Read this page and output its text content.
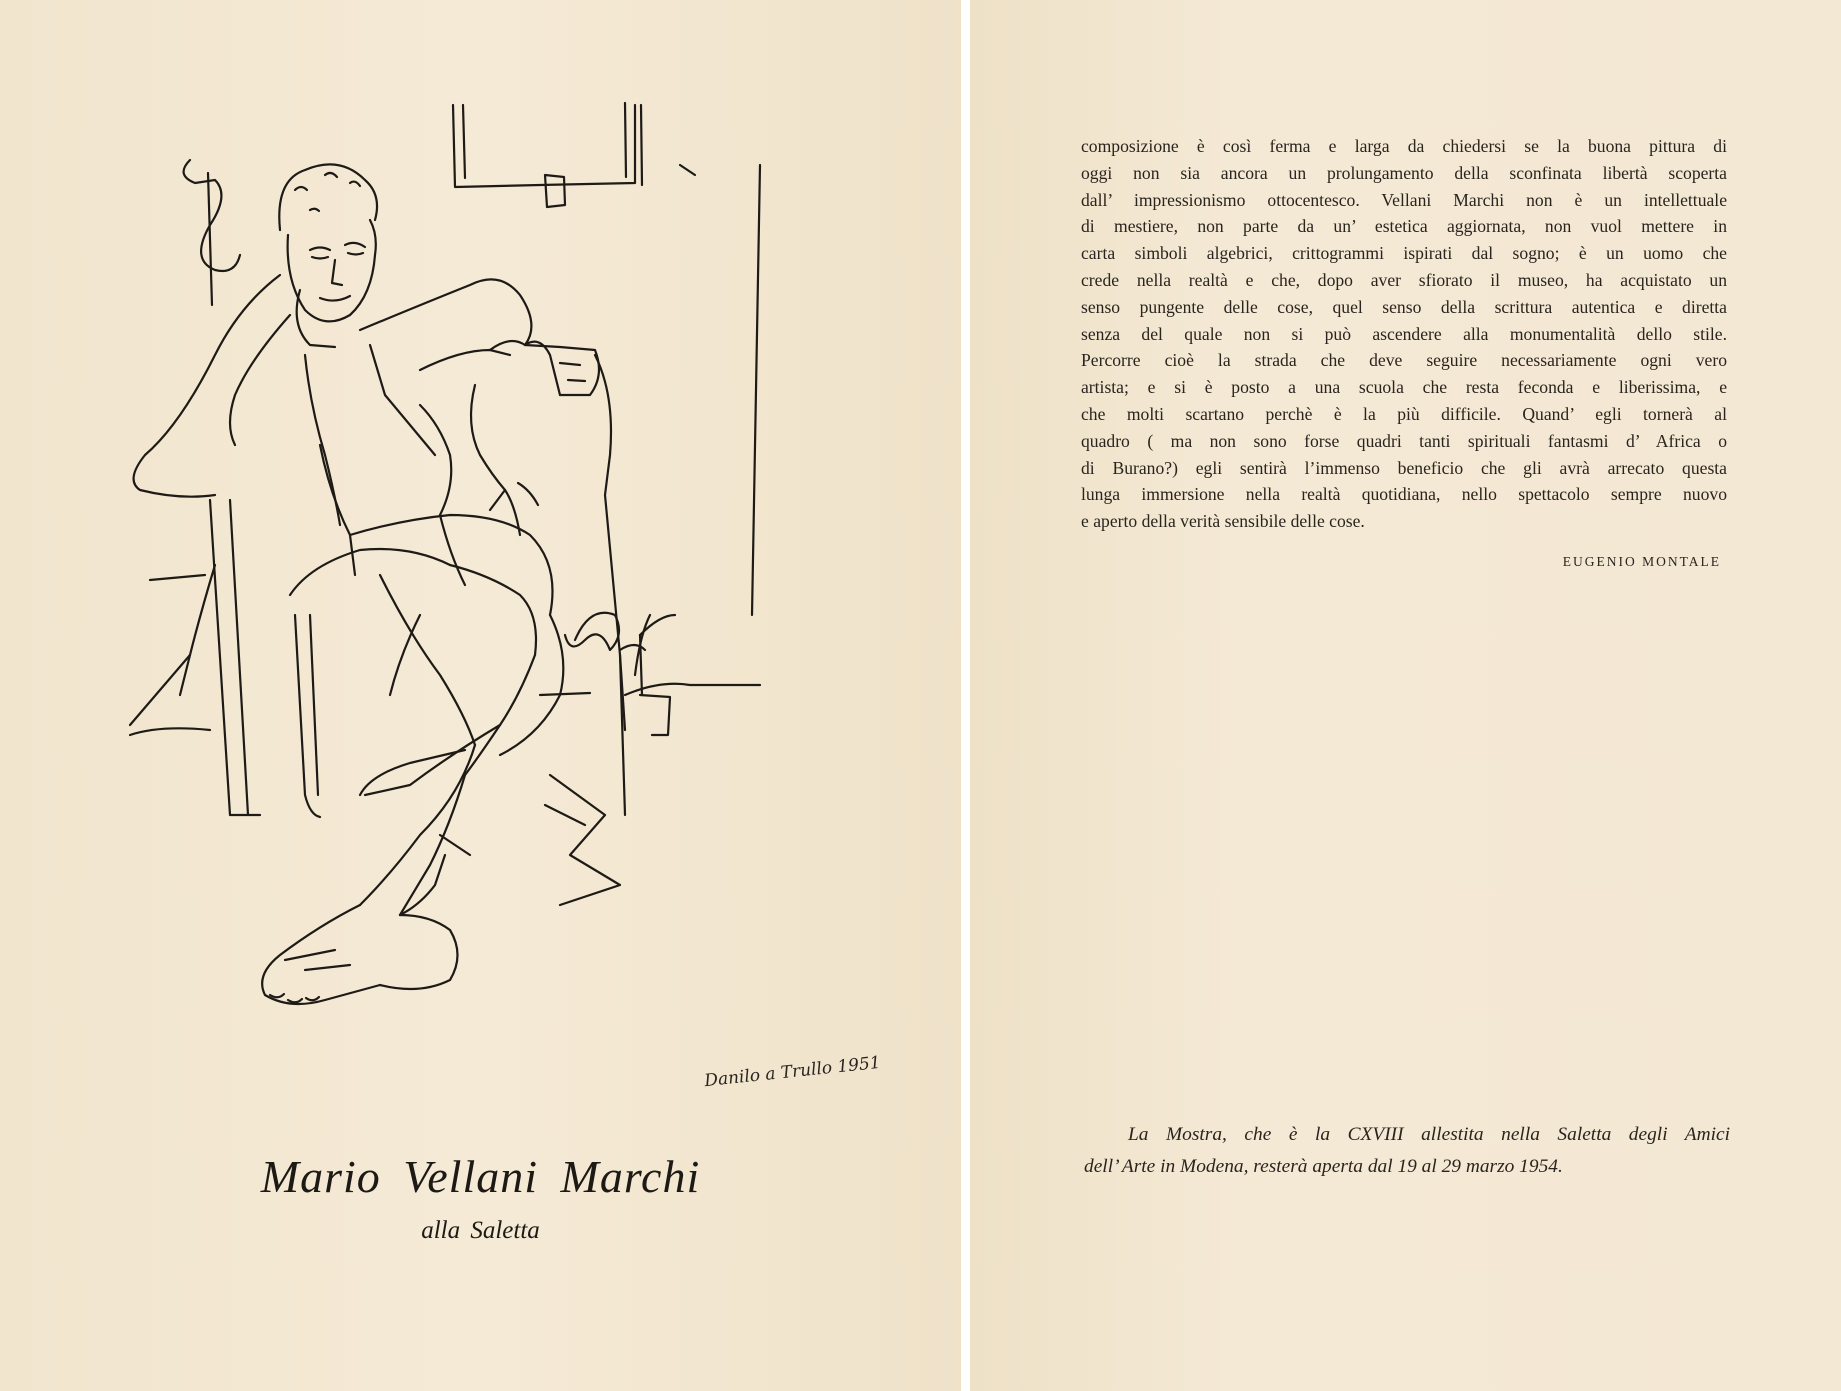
Danilo a Trullo 1951
Mario Vellani Marchi
alla Saletta
composizione è così ferma e larga da chiedersi se la buona pittura di
oggi non sia ancora un prolungamento della sconfinata libertà scoperta
dall’ impressionismo ottocentesco. Vellani Marchi non è un intellettuale
di mestiere, non parte da un’ estetica aggiornata, non vuol mettere in
carta simboli algebrici, crittogrammi ispirati dal sogno; è un uomo che
crede nella realtà e che, dopo aver sfiorato il museo, ha acquistato un
senso pungente delle cose, quel senso della scrittura autentica e diretta
senza del quale non si può ascendere alla monumentalità dello stile.
Percorre cioè la strada che deve seguire necessariamente ogni vero
artista; e si è posto a una scuola che resta feconda e liberissima, e
che molti scartano perchè è la più difficile. Quand’ egli tornerà al
quadro ( ma non sono forse quadri tanti spirituali fantasmi d’ Africa o
di Burano?) egli sentirà l’immenso beneficio che gli avrà arrecato questa
lunga immersione nella realtà quotidiana, nello spettacolo sempre nuovo
e aperto della verità sensibile delle cose.
EUGENIO MONTALE
La Mostra, che è la CXVIII allestita nella Saletta degli Amici
dell’ Arte in Modena, resterà aperta dal 19 al 29 marzo 1954.
